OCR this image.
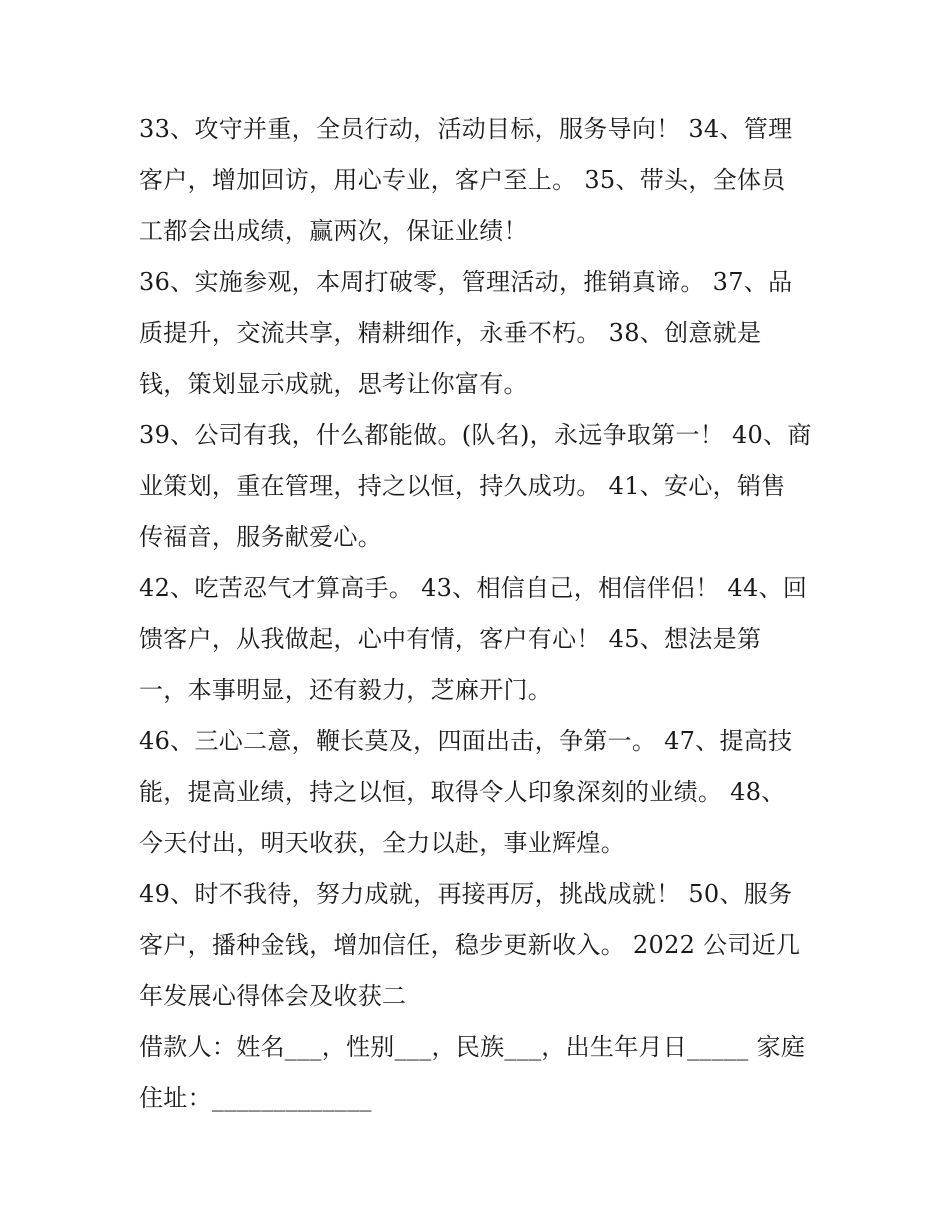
33、攻守并重，全员行动，活动目标，服务导向！ 34、管理
客户，增加回访，用心专业，客户至上。 35、带头，全体员
工都会出成绩，赢两次，保证业绩！
36、实施参观，本周打破零，管理活动，推销真谛。 37、品
质提升，交流共享，精耕细作，永垂不朽。 38、创意就是
钱，策划显示成就，思考让你富有。
39、公司有我，什么都能做。(队名)，永远争取第一！ 40、商
业策划，重在管理，持之以恒，持久成功。 41、安心，销售
传福音，服务献爱心。
42、吃苦忍气才算高手。 43、相信自己，相信伴侣！ 44、回
馈客户，从我做起，心中有情，客户有心！ 45、想法是第
一，本事明显，还有毅力，芝麻开门。
46、三心二意，鞭长莫及，四面出击，争第一。 47、提高技
能，提高业绩，持之以恒，取得令人印象深刻的业绩。 48、
今天付出，明天收获，全力以赴，事业辉煌。
49、时不我待，努力成就，再接再厉，挑战成就！ 50、服务
客户，播种金钱，增加信任，稳步更新收入。 2022 公司近几
年发展心得体会及收获二
借款人：姓名___，性别___，民族___，出生年月日_____ 家庭
住址：_____________
